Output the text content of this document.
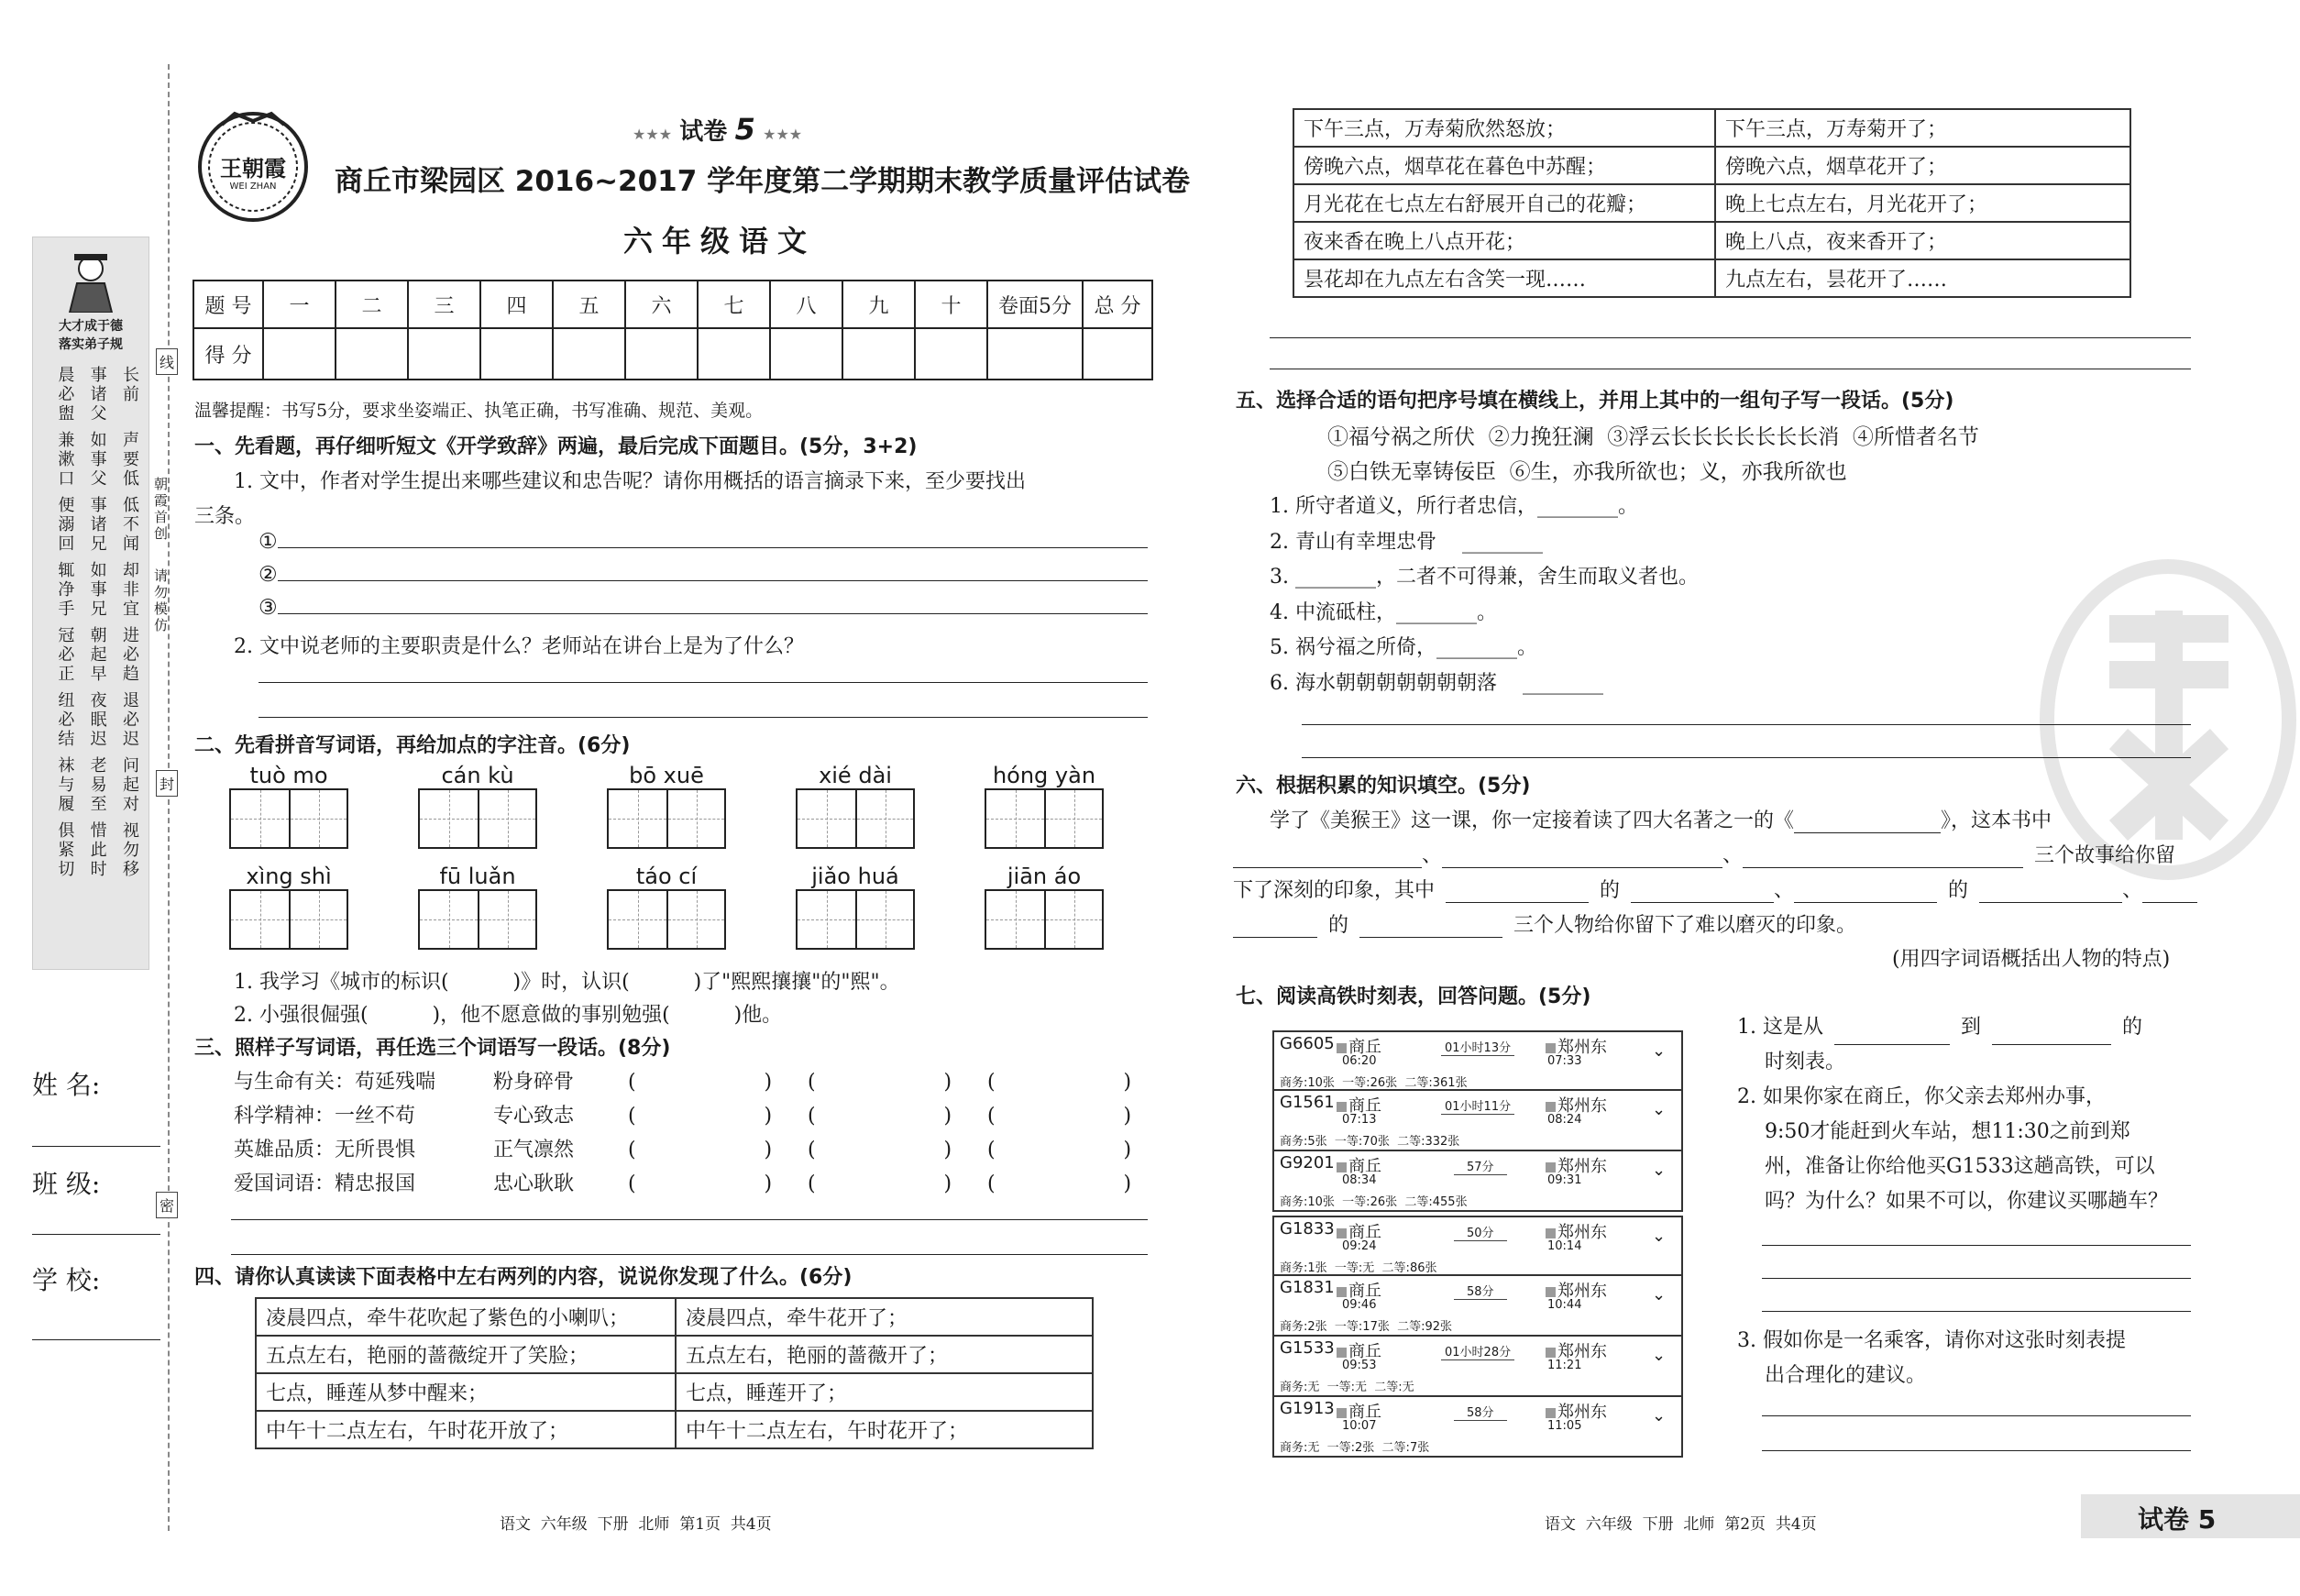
大才成于德
落实弟子规
晨必盥 事诸父 长前
兼漱口 如事父 声要低
便溺回 事诸兄 低不闻
辄净手 如事兄 却非宜
冠必正 朝起早 进必趋
纽必结 夜眠迟 退必迟
袜与履 老易至 问起对
俱紧切 惜此时 视勿移
线
封
密
朝霞首创
请勿模仿
姓 名:
班 级:
学 校:
王朝霞
WEI ZHAN
★★★ 试卷 5 ★★★
商丘市梁园区 2016~2017 学年度第二学期期末教学质量评估试卷
六年级语文
题 号	一	二	三	四	五	六	七	八	九	十	卷面5分	总 分
得 分												
温馨提醒：书写5分，要求坐姿端正、执笔正确，书写准确、规范、美观。
一、先看题，再仔细听短文《开学致辞》两遍，最后完成下面题目。(5分，3+2)
1. 文中，作者对学生提出来哪些建议和忠告呢？请你用概括的语言摘录下来，至少要找出
三条。
①
②
③
2. 文中说老师的主要职责是什么？老师站在讲台上是为了什么？
二、先看拼音写词语，再给加点的字注音。(6分)
tuò mo	cán kù	bō xuē	xié dài	hóng yàn
xìng shì	fū luǎn	táo cí	jiǎo huá	jiān áo
1. 我学习《城市的标识(          )》时，认识(          )了"熙熙攘攘"的"熙"。
2. 小强很倔强(          )，他不愿意做的事别勉强(          )他。
三、照样子写词语，再任选三个词语写一段话。(8分)
与生命有关：苟延残喘	粉身碎骨	(                    )	(                    )	(                    )
科学精神：一丝不苟	专心致志	(                    )	(                    )	(                    )
英雄品质：无所畏惧	正气凛然	(                    )	(                    )	(                    )
爱国词语：精忠报国	忠心耿耿	(                    )	(                    )	(                    )
四、请你认真读读下面表格中左右两列的内容，说说你发现了什么。(6分)
凌晨四点，牵牛花吹起了紫色的小喇叭；	凌晨四点，牵牛花开了；
五点左右，艳丽的蔷薇绽开了笑脸；	五点左右，艳丽的蔷薇开了；
七点，睡莲从梦中醒来；	七点，睡莲开了；
中午十二点左右，午时花开放了；	中午十二点左右，午时花开了；
语文  六年级  下册  北师  第1页  共4页
下午三点，万寿菊欣然怒放；	下午三点，万寿菊开了；
傍晚六点，烟草花在暮色中苏醒；	傍晚六点，烟草花开了；
月光花在七点左右舒展开自己的花瓣；	晚上七点左右，月光花开了；
夜来香在晚上八点开花；	晚上八点，夜来香开了；
昙花却在九点左右含笑一现……	九点左右，昙花开了……
五、选择合适的语句把序号填在横线上，并用上其中的一组句子写一段话。(5分)
①福兮祸之所伏  ②力挽狂澜  ③浮云长长长长长长长消  ④所惜者名节
⑤白铁无辜铸佞臣  ⑥生，亦我所欲也；义，亦我所欲也
1. 所守者道义，所行者忠信，________。
2. 青山有幸埋忠骨    ________
3. ________，二者不可得兼，舍生而取义者也。
4. 中流砥柱，________。
5. 祸兮福之所倚，________。
6. 海水朝朝朝朝朝朝朝落    ________
六、根据积累的知识填空。(5分)
学了《美猴王》这一课，你一定接着读了四大名著之一的《	》，这本书中
、	、	三个故事给你留
下了深刻的印象，其中	的	、	的	、
的	三个人物给你留下了难以磨灭的印象。
(用四字词语概括出人物的特点)
七、阅读高铁时刻表，回答问题。(5分)
G6605 商丘
06:20
01小时13分	郑州东
07:33
商务:10张  一等:26张  二等:361张
⌄
G1561 商丘
07:13
01小时11分	郑州东
08:24
商务:5张  一等:70张  二等:332张
⌄
G9201 商丘
08:34
57分	郑州东
09:31
商务:10张  一等:26张  二等:455张
⌄
G1833 商丘
09:24
50分	郑州东
10:14
商务:1张  一等:无  二等:86张
⌄
G1831 商丘
09:46
58分	郑州东
10:44
商务:2张  一等:17张  二等:92张
⌄
G1533 商丘
09:53
01小时28分	郑州东
11:21
商务:无  一等:无  二等:无
⌄
G1913 商丘
10:07
58分	郑州东
11:05
商务:无  一等:2张  二等:7张
⌄
1. 这是从	到	的
时刻表。
2. 如果你家在商丘，你父亲去郑州办事，
9:50才能赶到火车站，想11:30之前到郑
州，准备让你给他买G1533这趟高铁，可以
吗？为什么？如果不可以，你建议买哪趟车？
3. 假如你是一名乘客，请你对这张时刻表提
出合理化的建议。
语文  六年级  下册  北师  第2页  共4页	试卷 5
